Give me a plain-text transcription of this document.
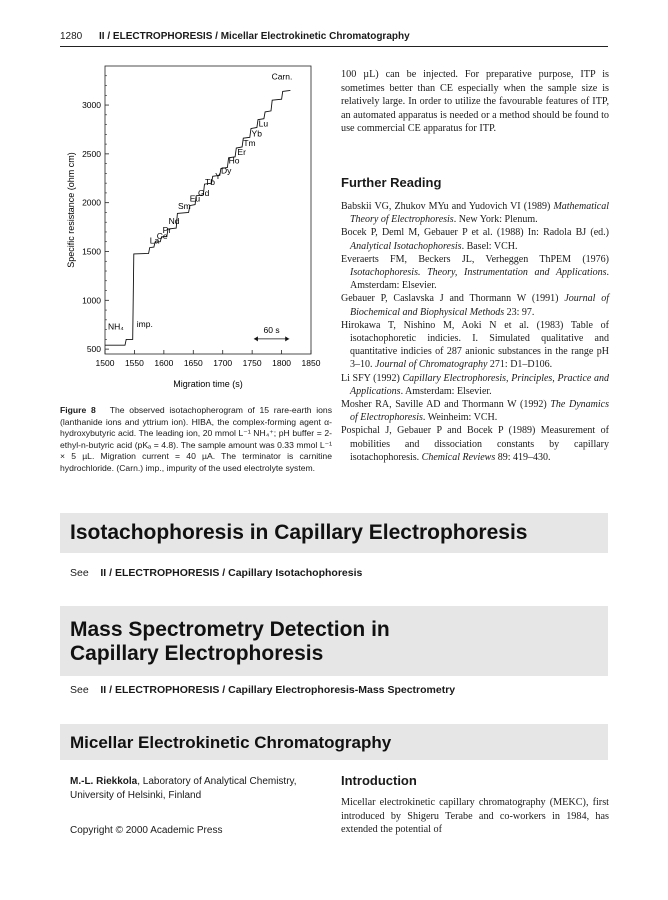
1280 II / ELECTROPHORESIS / Micellar Electrokinetic Chromatography
500
1000
1500
2000
2500
3000
1500 1550 1600 1650 1700 1750 1800 1850
NH₄ imp.
La
Ce
Pr
Nd
Sm
Eu
Gd
Tb
Y
Dy
Ho
Er
Tm
Yb
Lu
Carn.
60 s
Specific resistance (ohm cm)
Migration time (s)
Figure 8 The observed isotachopherogram of 15 rare-earth ions (lanthanide ions and yttrium ion). HIBA, the complex-forming agent α-hydroxybutyric acid. The leading ion, 20 mmol L⁻¹ NH₄⁺; pH buffer = 2-ethyl-n-butyric acid (pKₐ = 4.8). The sample amount was 0.33 mmol L⁻¹ × 5 µL. Migration current = 40 µA. The terminator is carnitine hydrochloride. (Carn.) imp., impurity of the used electrolyte system.
100 µL) can be injected. For preparative purpose, ITP is sometimes better than CE especially when the sample size is relatively large. In order to utilize the favourable features of ITP, an automated apparatus is needed or a method should be found to use commercial CE apparatus for ITP.
Further Reading

Babskii VG, Zhukov MYu and Yudovich VI (1989) Mathematical Theory of Electrophoresis. New York: Plenum.

Bocek P, Deml M, Gebauer P et al. (1988) In: Radola BJ (ed.) Analytical Isotachophoresis. Basel: VCH.

Everaerts FM, Beckers JL, Verheggen ThPEM (1976) Isotachophoresis. Theory, Instrumentation and Applications. Amsterdam: Elsevier.

Gebauer P, Caslavska J and Thormann W (1991) Journal of Biochemical and Biophysical Methods 23: 97.

Hirokawa T, Nishino M, Aoki N et al. (1983) Table of isotachophoretic indicies. I. Simulated qualitative and quantitative indicies of 287 anionic substances in the range pH 3–10. Journal of Chromatography 271: D1–D106.

Li SFY (1992) Capillary Electrophoresis, Principles, Practice and Applications. Amsterdam: Elsevier.

Mosher RA, Saville AD and Thormann W (1992) The Dynamics of Electrophoresis. Weinheim: VCH.

Pospichal J, Gebauer P and Bocek P (1989) Measurement of mobilities and dissociation constants by capillary isotachophoresis. Chemical Reviews 89: 419–430.

Isotachophoresis in Capillary Electrophoresis
See II / ELECTROPHORESIS / Capillary Isotachophoresis
Mass Spectrometry Detection in
Capillary Electrophoresis
See II / ELECTROPHORESIS / Capillary Electrophoresis-Mass Spectrometry
Micellar Electrokinetic Chromatography
M.-L. Riekkola, Laboratory of Analytical Chemistry, University of Helsinki, Finland
Copyright © 2000 Academic Press
Introduction
Micellar electrokinetic capillary chromatography (MEKC), first introduced by Shigeru Terabe and co-workers in 1984, has extended the potential of
